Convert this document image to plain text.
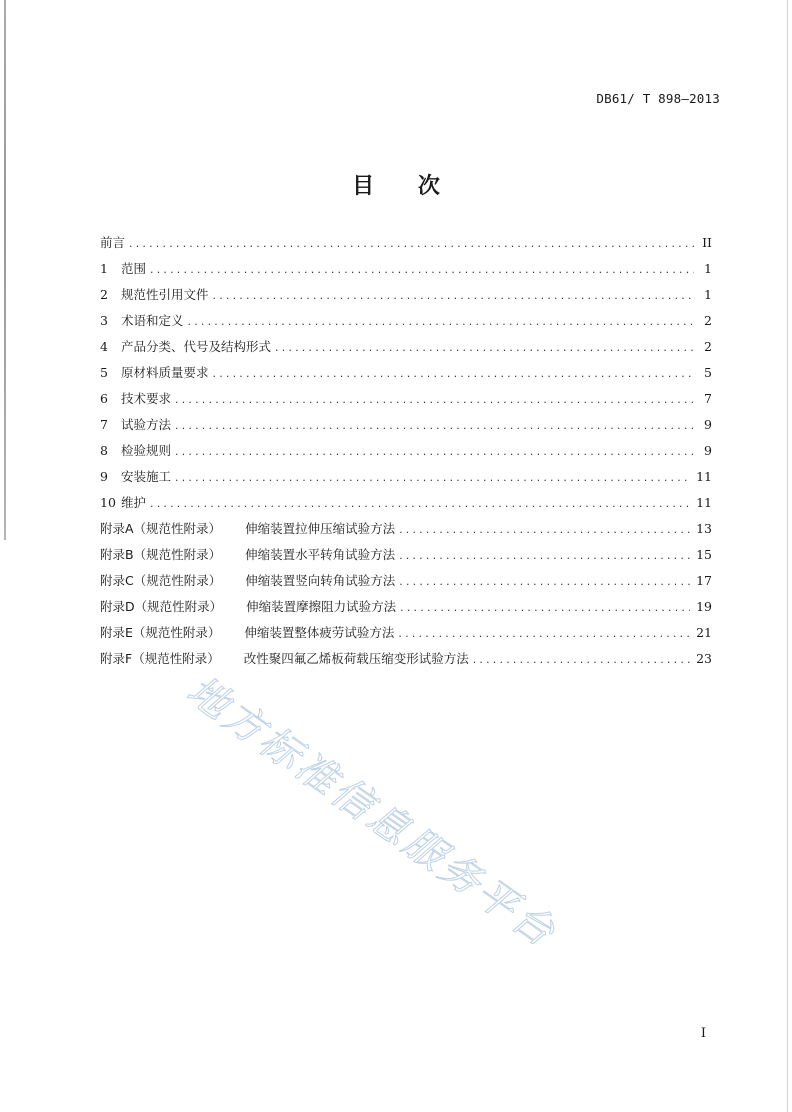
DB61/ T 898—2013
目 次
前言 .....	II
1 范围 .....	1
2 规范性引用文件 .....	1
3 术语和定义 .....	2
4 产品分类、代号及结构形式 .....	2
5 原材料质量要求 .....	5
6 技术要求 .....	7
7 试验方法 .....	9
8 检验规则 .....	9
9 安装施工 .....	11
10 维护 .....	11
附录A（规范性附录） 伸缩装置拉伸压缩试验方法 .....	13
附录B（规范性附录） 伸缩装置水平转角试验方法 .....	15
附录C（规范性附录） 伸缩装置竖向转角试验方法 .....	17
附录D（规范性附录） 伸缩装置摩擦阻力试验方法 .....	19
附录E（规范性附录） 伸缩装置整体疲劳试验方法 .....	21
附录F（规范性附录） 改性聚四氟乙烯板荷载压缩变形试验方法 .....	23
地方标准信息服务平台
I
